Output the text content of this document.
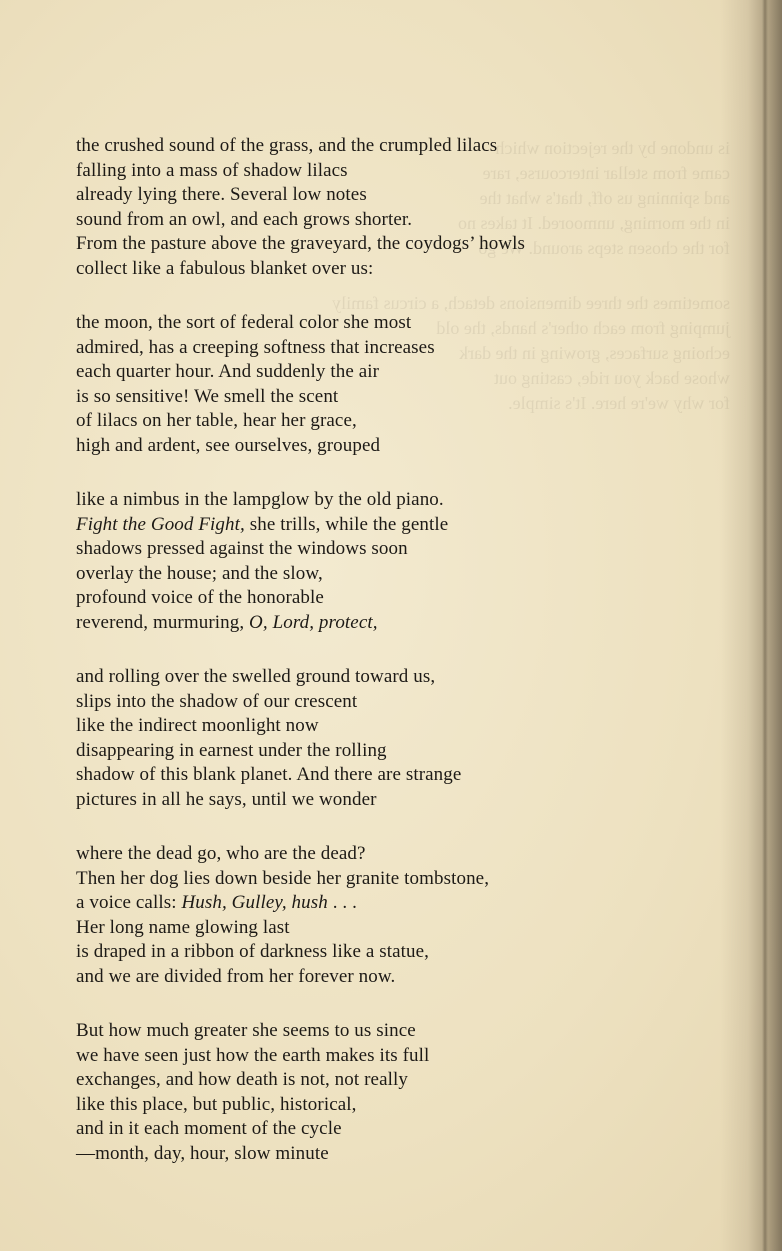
is undone by the rejection which
came from stellar intercourse, rare
and spinning us off, that's what the
in the morning, unmoored. It takes no
for the chosen steps around. We go
sometimes the three dimensions detach, a circus family
jumping from each other's hands, the old
echoing surfaces, growing in the dark
whose back you ride, casting out
for why we're here. It's simple.
the crushed sound of the grass, and the crumpled lilacs
falling into a mass of shadow lilacs
already lying there. Several low notes
sound from an owl, and each grows shorter.
From the pasture above the graveyard, the coydogs’ howls
collect like a fabulous blanket over us:
the moon, the sort of federal color she most
admired, has a creeping softness that increases
each quarter hour. And suddenly the air
is so sensitive! We smell the scent
of lilacs on her table, hear her grace,
high and ardent, see ourselves, grouped
like a nimbus in the lampglow by the old piano.
Fight the Good Fight, she trills, while the gentle
shadows pressed against the windows soon
overlay the house; and the slow,
profound voice of the honorable
reverend, murmuring, O, Lord, protect,
and rolling over the swelled ground toward us,
slips into the shadow of our crescent
like the indirect moonlight now
disappearing in earnest under the rolling
shadow of this blank planet. And there are strange
pictures in all he says, until we wonder
where the dead go, who are the dead?
Then her dog lies down beside her granite tombstone,
a voice calls: Hush, Gulley, hush . . .
Her long name glowing last
is draped in a ribbon of darkness like a statue,
and we are divided from her forever now.
But how much greater she seems to us since
we have seen just how the earth makes its full
exchanges, and how death is not, not really
like this place, but public, historical,
and in it each moment of the cycle
—month, day, hour, slow minute
